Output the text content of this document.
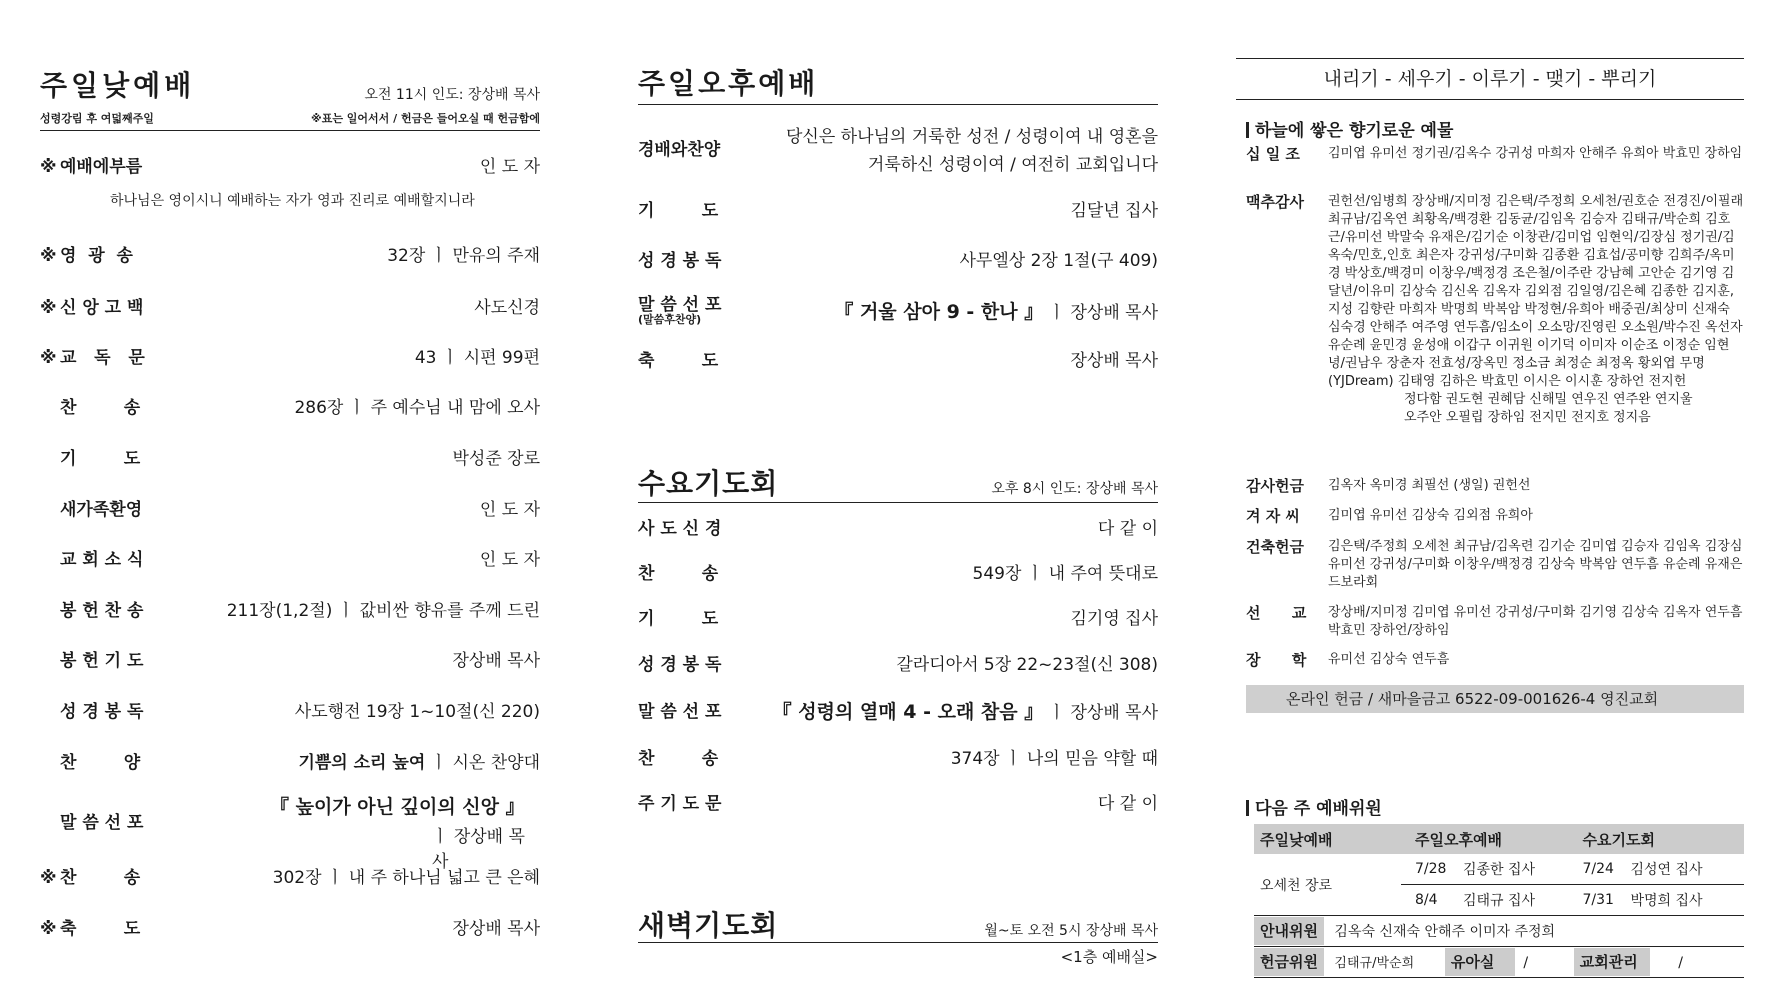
주일낮예배	오전 11시 인도: 장상배 목사
성령강림 후 여덟째주일	※표는 일어서서 / 헌금은 들어오실 때 헌금함에
※ 예배에부름	인 도 자
하나님은 영이시니 예배하는 자가 영과 진리로 예배할지니라
※ 영  광  송	32장 ㅣ 만유의 주재
※ 신 앙 고 백	사도신경
※ 교   독   문	43 ㅣ 시편 99편
찬        송	286장 ㅣ 주 예수님 내 맘에 오사
기        도	박성준 장로
새가족환영	인 도 자
교 회 소 식	인 도 자
봉 헌 찬 송	211장(1,2절) ㅣ 값비싼 향유를 주께 드린
봉 헌 기 도	장상배 목사
성 경 봉 독	사도행전 19장 1~10절(신 220)
찬        양	기쁨의 소리 높여 ㅣ 시온 찬양대
말 씀 선 포
『 높이가 아닌 깊이의 신앙 』
ㅣ 장상배 목사
※ 찬        송	302장 ㅣ 내 주 하나님 넓고 큰 은혜
※ 축        도	장상배 목사
주일오후예배
경배와찬양
당신은 하나님의 거룩한 성전 / 성령이여 내 영혼을
거룩하신 성령이여 / 여전히 교회입니다
기        도	김달년 집사
성 경 봉 독	사무엘상 2장 1절(구 409)
말 씀 선 포	『 거울 삼아 9 - 한나 』 ㅣ 장상배 목사
(말씀후찬양)
축        도	장상배 목사
수요기도회	오후 8시 인도: 장상배 목사
사 도 신 경	다 같 이
찬        송	549장 ㅣ 내 주여 뜻대로
기        도	김기영 집사
성 경 봉 독	갈라디아서 5장 22~23절(신 308)
말 씀 선 포	『 성령의 열매 4 - 오래 참음 』 ㅣ 장상배 목사
찬        송	374장 ㅣ 나의 믿음 약할 때
주 기 도 문	다 같 이
새벽기도회	월~토 오전 5시 장상배 목사
<1층 예배실>
내리기 - 세우기 - 이루기 - 맺기 - 뿌리기
하늘에 쌓은 향기로운 예물
십 일 조	김미엽 유미선 정기권/김옥수 강귀성 마희자 안해주 유희아 박효민 장하임
맥추감사	권헌선/임병희 장상배/지미정 김은택/주정희 오세천/권호순 전경진/이필래 최규남/김옥연 최황옥/백경환 김동균/김임옥 김승자 김태규/박순희 김호근/유미선 박말숙 유재은/김기순 이창관/김미업 임현익/김장심 정기권/김옥숙/민호,인호 최은자 강귀성/구미화 김종환 김효섭/공미향 김희주/옥미경 박상호/백경미 이창우/백정경 조은철/이주란 강남혜 고안순 김기영 김달년/이유미 김상숙 김신옥 김옥자 김외점 김일영/김은혜 김종한 김지훈,지성 김향란 마희자 박명희 박복암 박정현/유희아 배중권/최상미 신재숙 심숙경 안해주 여주영 연두흠/임소이 오소망/진영린 오소원/박수진 옥선자 유순례 윤민경 윤성애 이갑구 이귀원 이기덕 이미자 이순조 이정순 임현녕/권남우 장춘자 전효성/장옥민 정소금 최정순 최정옥 황외엽 무명
(YJDream) 김태영 김하은 박효민 이시은 이시훈 장하언 전지헌
정다함 권도현 권혜담 신해밀 연우진 연주완 연지울
오주안 오필립 장하임 전지민 전지호 정지음
감사헌금	김옥자 옥미경 최필선 (생일) 권헌선
겨 자 씨	김미엽 유미선 김상숙 김외점 유희아
건축헌금	김은택/주정희 오세천 최규남/김옥련 김기순 김미엽 김승자 김임옥 김장심 유미선 강귀성/구미화 이창우/백정경 김상숙 박복암 연두흠 유순례 유재은 드보라회
선      교	장상배/지미정 김미엽 유미선 강귀성/구미화 김기영 김상숙 김옥자 연두흠 박효민 장하언/장하임
장      학	유미선 김상숙 연두흠
온라인 헌금 / 새마을금고 6522-09-001626-4 영진교회
다음 주 예배위원
주일낮예배	주일오후예배		수요기도회	
오세천 장로	7/28	김종한 집사	7/24	김성연 집사
	8/4	김태규 집사	7/31	박명희 집사
안내위원 김옥숙 신재숙 안해주 이미자 주정희				
헌금위원 김태규/박순희 유아실 / 교회관리 /				
